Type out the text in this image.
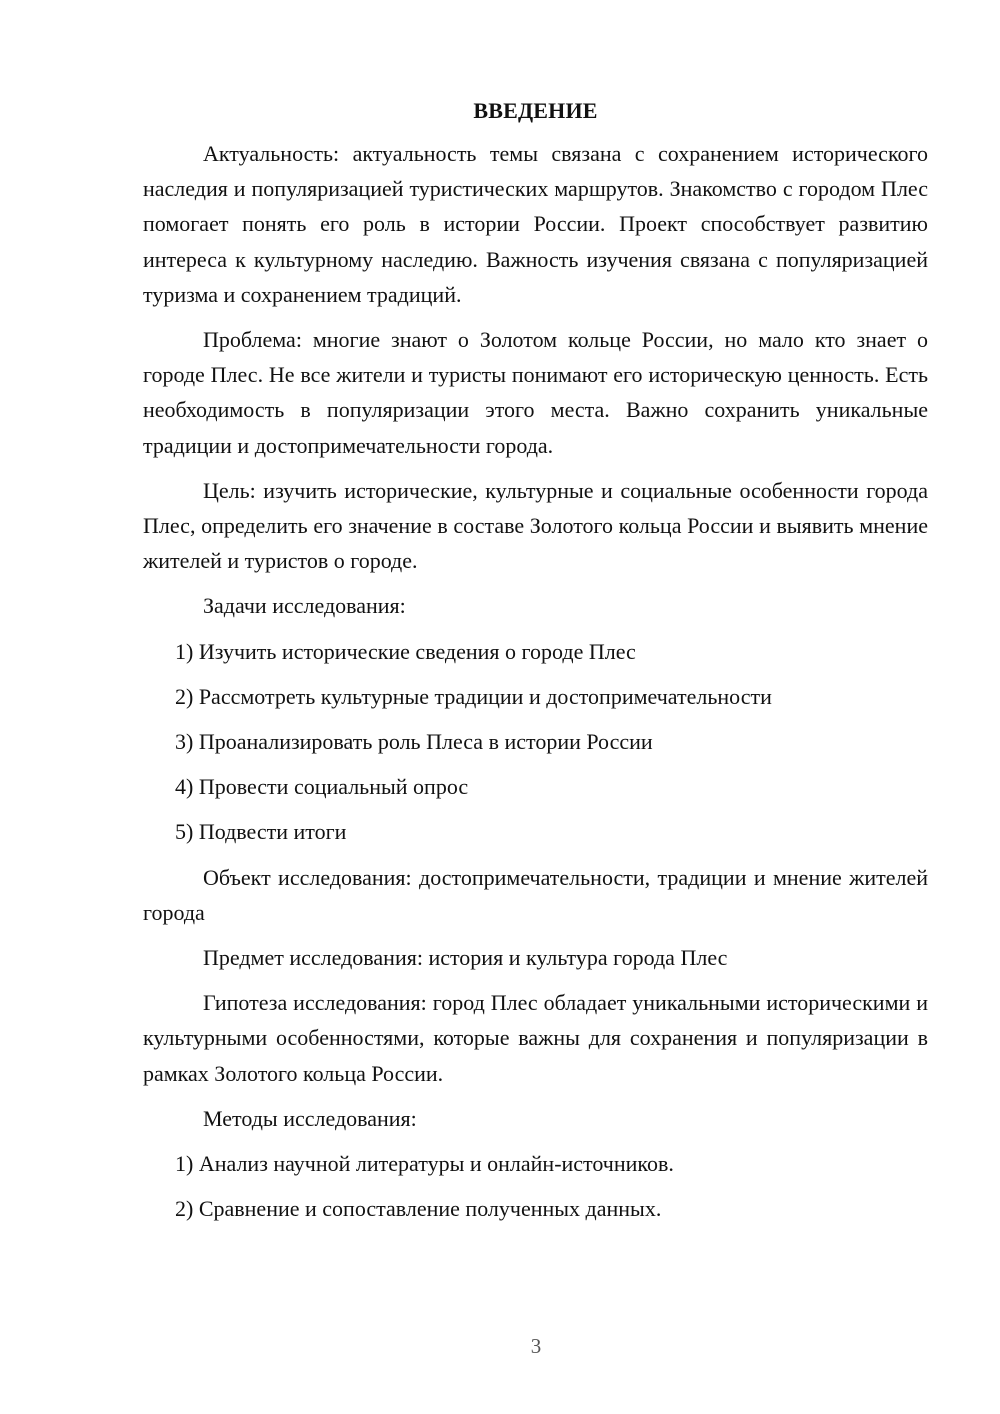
ВВЕДЕНИЕ

Актуальность: актуальность темы связана с сохранением исторического наследия и популяризацией туристических маршрутов. Знакомство с городом Плес помогает понять его роль в истории России. Проект способствует развитию интереса к культурному наследию. Важность изучения связана с популяризацией туризма и сохранением традиций.

Проблема: многие знают о Золотом кольце России, но мало кто знает о городе Плес. Не все жители и туристы понимают его историческую ценность. Есть необходимость в популяризации этого места. Важно сохранить уникальные традиции и достопримечательности города.

Цель: изучить исторические, культурные и социальные особенности города Плес, определить его значение в составе Золотого кольца России и выявить мнение жителей и туристов о городе.

Задачи исследования:

1) Изучить исторические сведения о городе Плес

2) Рассмотреть культурные традиции и достопримечательности

3) Проанализировать роль Плеса в истории России

4) Провести социальный опрос

5) Подвести итоги

Объект исследования: достопримечательности, традиции и мнение жителей города

Предмет исследования: история и культура города Плес

Гипотеза исследования: город Плес обладает уникальными историческими и культурными особенностями, которые важны для сохранения и популяризации в рамках Золотого кольца России.

Методы исследования:

1) Анализ научной литературы и онлайн-источников.

2) Сравнение и сопоставление полученных данных.

3
